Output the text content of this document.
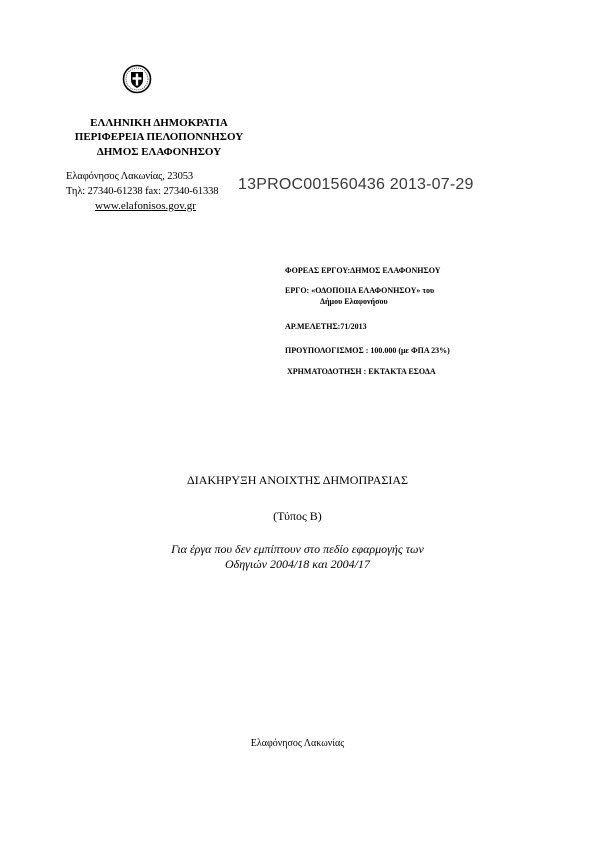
ΕΛΛΗΝΙΚΗ ΔΗΜΟΚΡΑΤΙΑ
ΠΕΡΙΦΕΡΕΙΑ ΠΕΛΟΠΟΝΝΗΣΟΥ
ΔΗΜΟΣ ΕΛΑΦΟΝΗΣΟΥ
Ελαφόνησος Λακωνίας, 23053
Τηλ: 27340-61238 fax: 27340-61338 13PROC001560436 2013-07-29
www.elafonisos.gov.gr
ΦΟΡΕΑΣ ΕΡΓΟΥ:ΔΗΜΟΣ ΕΛΑΦΟΝΗΣΟΥ
ΕΡΓΟ: «ΟΔΟΠΟΙΙΑ ΕΛΑΦΟΝΗΣΟΥ» του
Δήμου Ελαφονήσου
ΑΡ.ΜΕΛΕΤΗΣ:71/2013
ΠΡΟΥΠΟΛΟΓΙΣΜΟΣ : 100.000 (με ΦΠΑ 23%)
ΧΡΗΜΑΤΟΔΟΤΗΣΗ : ΕΚΤΑΚΤΑ ΕΣΟΔΑ
ΔΙΑΚΗΡΥΞΗ ΑΝΟΙΧΤΗΣ ΔΗΜΟΠΡΑΣΙΑΣ
(Τύπος Β)
Για έργα που δεν εμπίπτουν στο πεδίο εφαρμογής των
Οδηγιών 2004/18 και 2004/17
Ελαφόνησος Λακωνίας
